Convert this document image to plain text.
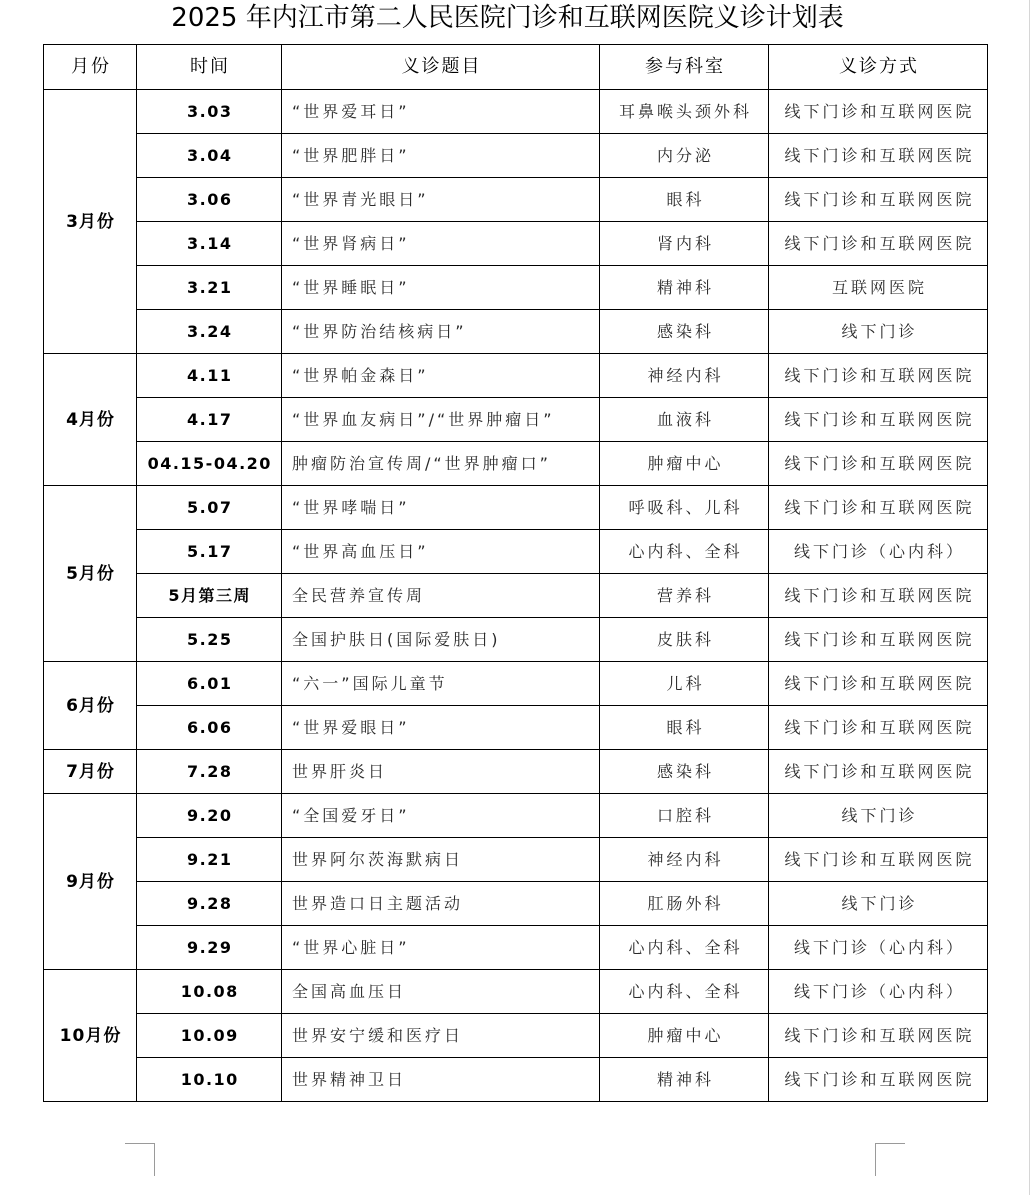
2025 年内江市第二人民医院门诊和互联网医院义诊计划表
月份	时间	义诊题目	参与科室	义诊方式
3月份
3.03	“世界爱耳日”	耳鼻喉头颈外科	线下门诊和互联网医院
3.04	“世界肥胖日”	内分泌	线下门诊和互联网医院
3.06	“世界青光眼日”	眼科	线下门诊和互联网医院
3.14	“世界肾病日”	肾内科	线下门诊和互联网医院
3.21	“世界睡眠日”	精神科	互联网医院
3.24	“世界防治结核病日”	感染科	线下门诊
4月份
4.11	“世界帕金森日”	神经内科	线下门诊和互联网医院
4.17	“世界血友病日”/“世界肿瘤日”	血液科	线下门诊和互联网医院
04.15-04.20	肿瘤防治宣传周/“世界肿瘤口”	肿瘤中心	线下门诊和互联网医院
5月份
5.07	“世界哮喘日”	呼吸科、儿科	线下门诊和互联网医院
5.17	“世界高血压日”	心内科、全科	线下门诊（心内科）
5月第三周	全民营养宣传周	营养科	线下门诊和互联网医院
5.25	全国护肤日(国际爱肤日)	皮肤科	线下门诊和互联网医院
6月份
6.01	“六一”国际儿童节	儿科	线下门诊和互联网医院
6.06	“世界爱眼日”	眼科	线下门诊和互联网医院
7月份	7.28	世界肝炎日	感染科	线下门诊和互联网医院
9月份
9.20	“全国爱牙日”	口腔科	线下门诊
9.21	世界阿尔茨海默病日	神经内科	线下门诊和互联网医院
9.28	世界造口日主题活动	肛肠外科	线下门诊
9.29	“世界心脏日”	心内科、全科	线下门诊（心内科）
10月份
10.08	全国高血压日	心内科、全科	线下门诊（心内科）
10.09	世界安宁缓和医疗日	肿瘤中心	线下门诊和互联网医院
10.10	世界精神卫日	精神科	线下门诊和互联网医院
